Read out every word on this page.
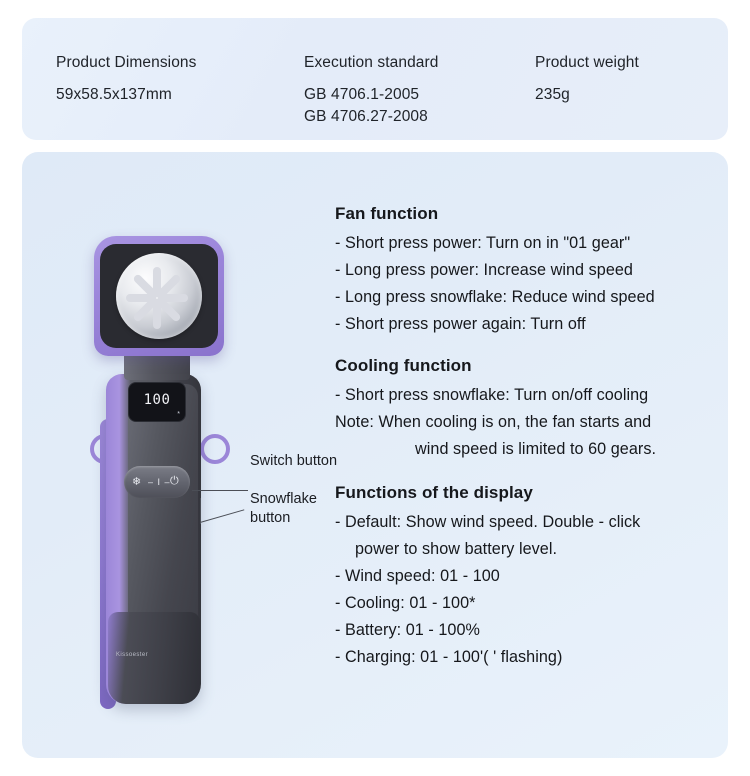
Product Dimensions
59x58.5x137mm
Execution standard
GB 4706.1-2005
GB 4706.27-2008
Product weight
235g
Kissoester
100
*
❄ – I – ⏻
Switch button
Snowflake button
Fan function
- Short press power: Turn on in "01 gear"
- Long press power: Increase wind speed
- Long press snowflake: Reduce wind speed
- Short press power again: Turn off
Cooling function
- Short press snowflake: Turn on/off cooling
Note: When cooling is on, the fan starts and
wind speed is limited to 60 gears.
Functions of the display
- Default: Show wind speed. Double - click
power to show battery level.
- Wind speed: 01 - 100
- Cooling: 01 - 100*
- Battery: 01 - 100%
- Charging: 01 - 100'( ' flashing)
